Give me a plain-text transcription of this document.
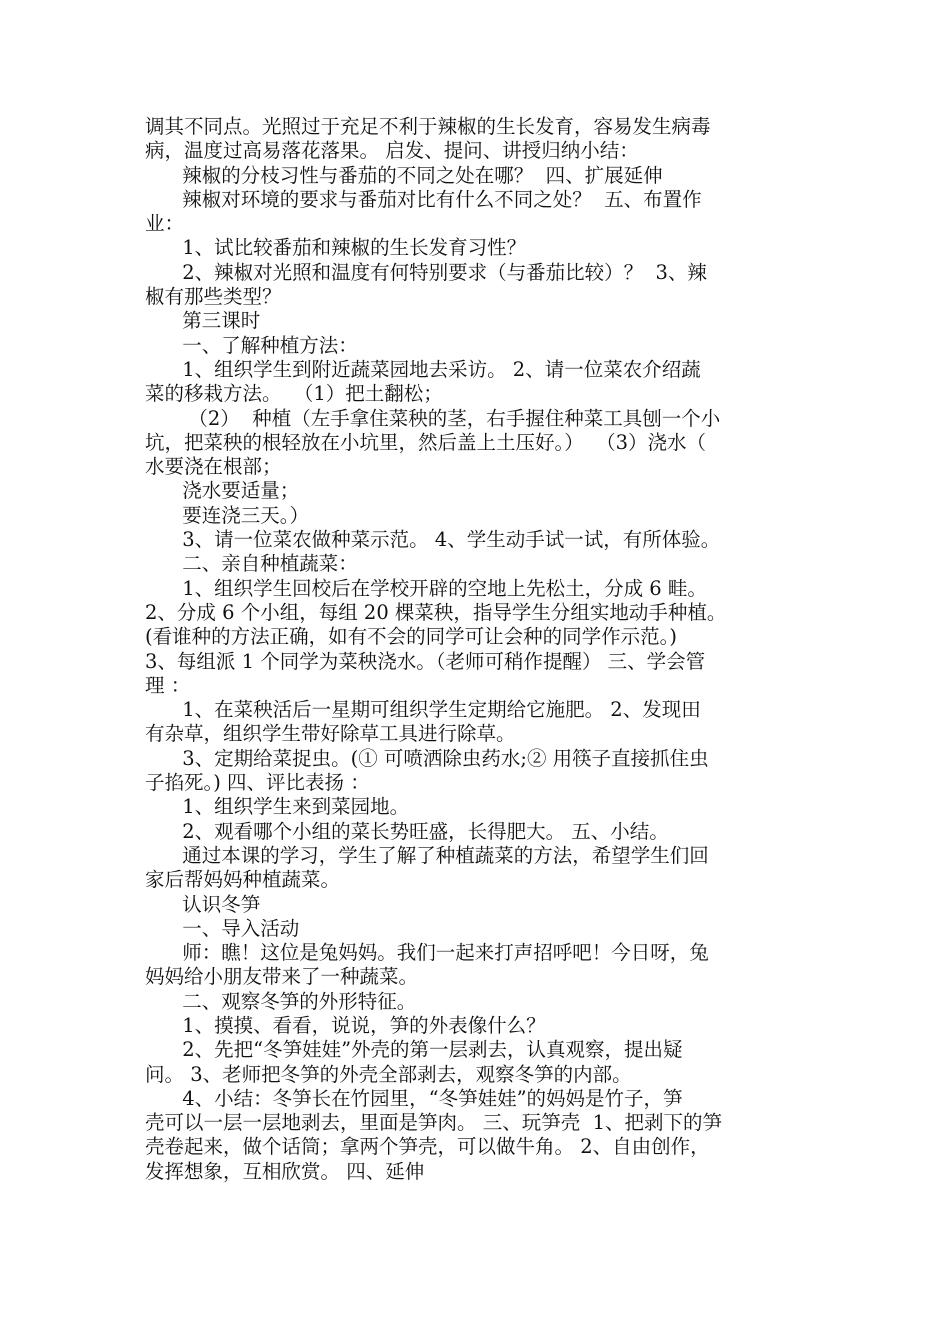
调其不同点。光照过于充足不利于辣椒的生长发育，容易发生病毒
病，温度过高易落花落果。 启发、提问、讲授归纳小结：
辣椒的分枝习性与番茄的不同之处在哪？  四、扩展延伸
辣椒对环境的要求与番茄对比有什么不同之处？  五、布置作
业：
1、试比较番茄和辣椒的生长发育习性？
2、辣椒对光照和温度有何特别要求（与番茄比较）？  3、辣
椒有那些类型？
第三课时
一、了解种植方法：
1、组织学生到附近蔬菜园地去采访。 2、请一位菜农介绍蔬
菜的移栽方法。  （1）把土翻松；
（2）  种植（左手拿住菜秧的茎，右手握住种菜工具刨一个小
坑，把菜秧的根轻放在小坑里，然后盖上土压好。）  （3）浇水（
水要浇在根部；
浇水要适量；
要连浇三天。）
3、请一位菜农做种菜示范。 4、学生动手试一试，有所体验。
二、亲自种植蔬菜：
1、组织学生回校后在学校开辟的空地上先松土，分成 6 畦。
2、分成 6 个小组，每组 20 棵菜秧，指导学生分组实地动手种植。
(看谁种的方法正确，如有不会的同学可让会种的同学作示范。)
3、每组派 1 个同学为菜秧浇水。（老师可稍作提醒） 三、学会管
理 ：
1、在菜秧活后一星期可组织学生定期给它施肥。 2、发现田
有杂草，组织学生带好除草工具进行除草。
3、定期给菜捉虫。(① 可喷洒除虫药水;② 用筷子直接抓住虫
子掐死。) 四、评比表扬 ：
1、组织学生来到菜园地。
2、观看哪个小组的菜长势旺盛，长得肥大。 五、小结。
通过本课的学习，学生了解了种植蔬菜的方法，希望学生们回
家后帮妈妈种植蔬菜。
认识冬笋
一、导入活动
师：瞧！这位是兔妈妈。我们一起来打声招呼吧！今日呀，兔
妈妈给小朋友带来了一种蔬菜。
二、观察冬笋的外形特征。
1、摸摸、看看，说说，笋的外表像什么？
2、先把“冬笋娃娃”外壳的第一层剥去，认真观察，提出疑
问。 3、老师把冬笋的外壳全部剥去，观察冬笋的内部。
4、小结：冬笋长在竹园里，“冬笋娃娃”的妈妈是竹子，笋
壳可以一层一层地剥去，里面是笋肉。 三、玩笋壳  1、把剥下的笋
壳卷起来，做个话筒；拿两个笋壳，可以做牛角。 2、自由创作，
发挥想象，互相欣赏。 四、延伸
